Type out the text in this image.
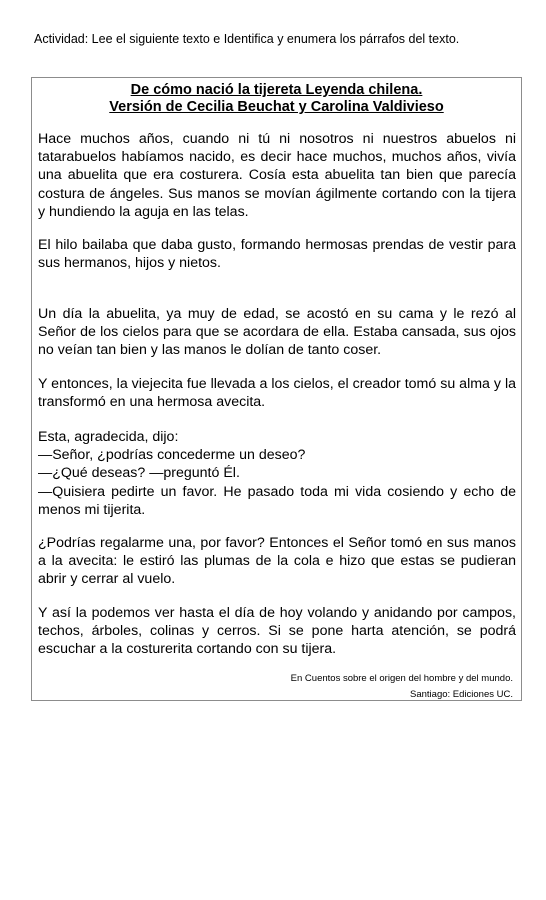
Actividad: Lee el siguiente texto e Identifica y enumera los párrafos del texto.
De cómo nació la tijereta Leyenda chilena.
Versión de Cecilia Beuchat y Carolina Valdivieso

Hace muchos años, cuando ni tú ni nosotros ni nuestros abuelos ni tatarabuelos habíamos nacido, es decir hace muchos, muchos años, vivía una abuelita que era costurera. Cosía esta abuelita tan bien que parecía costura de ángeles. Sus manos se movían ágilmente cortando con la tijera y hundiendo la aguja en las telas.

El hilo bailaba que daba gusto, formando hermosas prendas de vestir para sus hermanos, hijos y nietos.

Un día la abuelita, ya muy de edad, se acostó en su cama y le rezó al Señor de los cielos para que se acordara de ella. Estaba cansada, sus ojos no veían tan bien y las manos le dolían de tanto coser.

Y entonces, la viejecita fue llevada a los cielos, el creador tomó su alma y la transformó en una hermosa avecita.

Esta, agradecida, dijo:
—Señor, ¿podrías concederme un deseo?
—¿Qué deseas? —preguntó Él.
—Quisiera pedirte un favor. He pasado toda mi vida cosiendo y echo de menos mi tijerita.

¿Podrías regalarme una, por favor? Entonces el Señor tomó en sus manos a la avecita: le estiró las plumas de la cola e hizo que estas se pudieran abrir y cerrar al vuelo.

Y así la podemos ver hasta el día de hoy volando y anidando por campos, techos, árboles, colinas y cerros. Si se pone harta atención, se podrá escuchar a la costurerita cortando con su tijera.

En Cuentos sobre el origen del hombre y del mundo.
Santiago: Ediciones UC.
